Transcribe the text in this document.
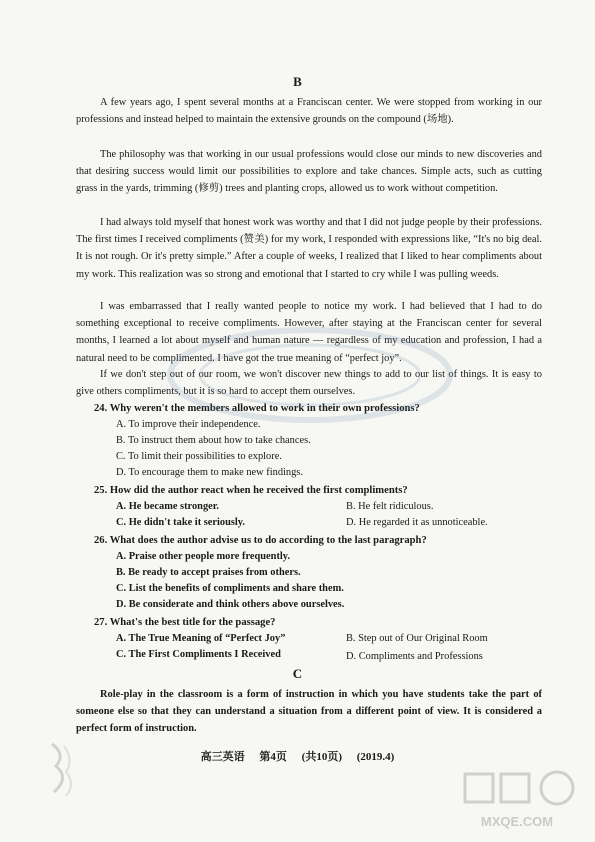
B

A few years ago, I spent several months at a Franciscan center. We were stopped from working in our professions and instead helped to maintain the extensive grounds on the compound (场地).

The philosophy was that working in our usual professions would close our minds to new discoveries and that desiring success would limit our possibilities to explore and take chances. Simple acts, such as cutting grass in the yards, trimming (修剪) trees and planting crops, allowed us to work without competition.

I had always told myself that honest work was worthy and that I did not judge people by their professions. The first times I received compliments (赞美) for my work, I responded with expressions like, “It's no big deal. It is not rough. Or it's pretty simple.” After a couple of weeks, I realized that I liked to hear compliments about my work. This realization was so strong and emotional that I started to cry while I was pulling weeds.

I was embarrassed that I really wanted people to notice my work. I had believed that I had to do something exceptional to receive compliments. However, after staying at the Franciscan center for several months, I learned a lot about myself and human nature — regardless of my education and profession, I had a natural need to be complimented. I have got the true meaning of “perfect joy”.

If we don't step out of our room, we won't discover new things to add to our list of things. It is easy to give others compliments, but it is so hard to accept them ourselves.

24. Why weren't the members allowed to work in their own professions?

A. To improve their independence.

B. To instruct them about how to take chances.

C. To limit their possibilities to explore.

D. To encourage them to make new findings.

25. How did the author react when he received the first compliments?

A. He became stronger.	B. He felt ridiculous.

C. He didn't take it seriously.	D. He regarded it as unnoticeable.

26. What does the author advise us to do according to the last paragraph?

A. Praise other people more frequently.

B. Be ready to accept praises from others.

C. List the benefits of compliments and share them.

D. Be considerate and think others above ourselves.

27. What's the best title for the passage?

A. The True Meaning of “Perfect Joy”	B. Step out of Our Original Room

C. The First Compliments I Received	D. Compliments and Professions

C

Role-play in the classroom is a form of instruction in which you have students take the part of someone else so that they can understand a situation from a different point of view. It is considered a perfect form of instruction.

高三英语 第4页 (共10页) (2019.4)
MXQE.COM
